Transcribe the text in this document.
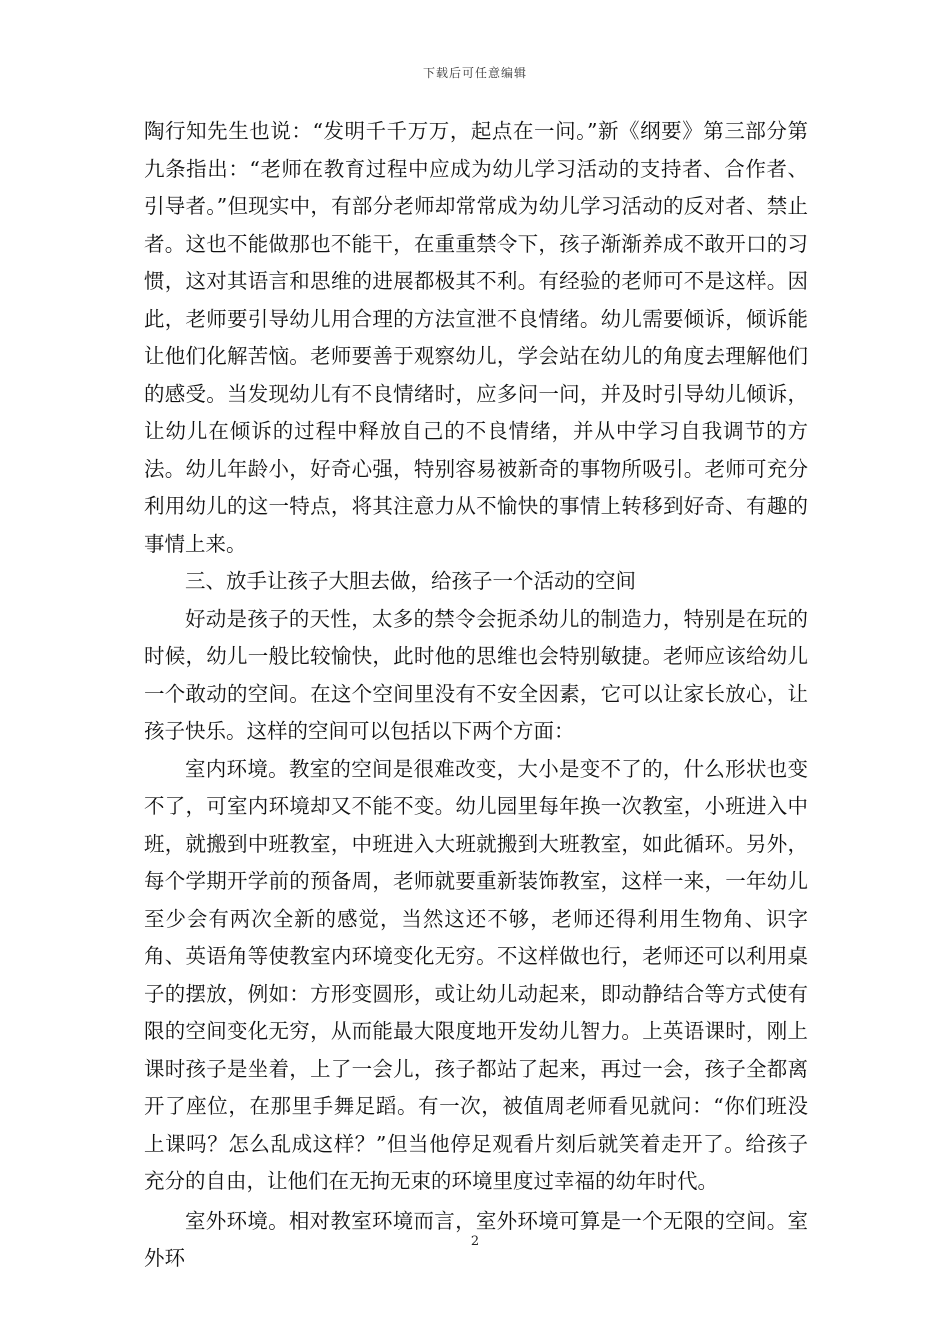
下载后可任意编辑

陶行知先生也说：“发明千千万万，起点在一问。”新《纲要》第三部分第九条指出：“老师在教育过程中应成为幼儿学习活动的支持者、合作者、引导者。”但现实中，有部分老师却常常成为幼儿学习活动的反对者、禁止者。这也不能做那也不能干，在重重禁令下，孩子渐渐养成不敢开口的习惯，这对其语言和思维的进展都极其不利。有经验的老师可不是这样。因此，老师要引导幼儿用合理的方法宣泄不良情绪。幼儿需要倾诉，倾诉能让他们化解苦恼。老师要善于观察幼儿，学会站在幼儿的角度去理解他们的感受。当发现幼儿有不良情绪时，应多问一问，并及时引导幼儿倾诉，让幼儿在倾诉的过程中释放自己的不良情绪，并从中学习自我调节的方法。幼儿年龄小，好奇心强，特别容易被新奇的事物所吸引。老师可充分利用幼儿的这一特点，将其注意力从不愉快的事情上转移到好奇、有趣的事情上来。

三、放手让孩子大胆去做，给孩子一个活动的空间

好动是孩子的天性，太多的禁令会扼杀幼儿的制造力，特别是在玩的时候，幼儿一般比较愉快，此时他的思维也会特别敏捷。老师应该给幼儿一个敢动的空间。在这个空间里没有不安全因素，它可以让家长放心，让孩子快乐。这样的空间可以包括以下两个方面：

室内环境。教室的空间是很难改变，大小是变不了的，什么形状也变不了，可室内环境却又不能不变。幼儿园里每年换一次教室，小班进入中班，就搬到中班教室，中班进入大班就搬到大班教室，如此循环。另外，每个学期开学前的预备周，老师就要重新装饰教室，这样一来，一年幼儿至少会有两次全新的感觉，当然这还不够，老师还得利用生物角、识字角、英语角等使教室内环境变化无穷。不这样做也行，老师还可以利用桌子的摆放，例如：方形变圆形，或让幼儿动起来，即动静结合等方式使有限的空间变化无穷，从而能最大限度地开发幼儿智力。上英语课时，刚上课时孩子是坐着，上了一会儿，孩子都站了起来，再过一会，孩子全都离开了座位，在那里手舞足蹈。有一次，被值周老师看见就问：“你们班没上课吗？怎么乱成这样？”但当他停足观看片刻后就笑着走开了。给孩子充分的自由，让他们在无拘无束的环境里度过幸福的幼年时代。

室外环境。相对教室环境而言，室外环境可算是一个无限的空间。室外环

2
